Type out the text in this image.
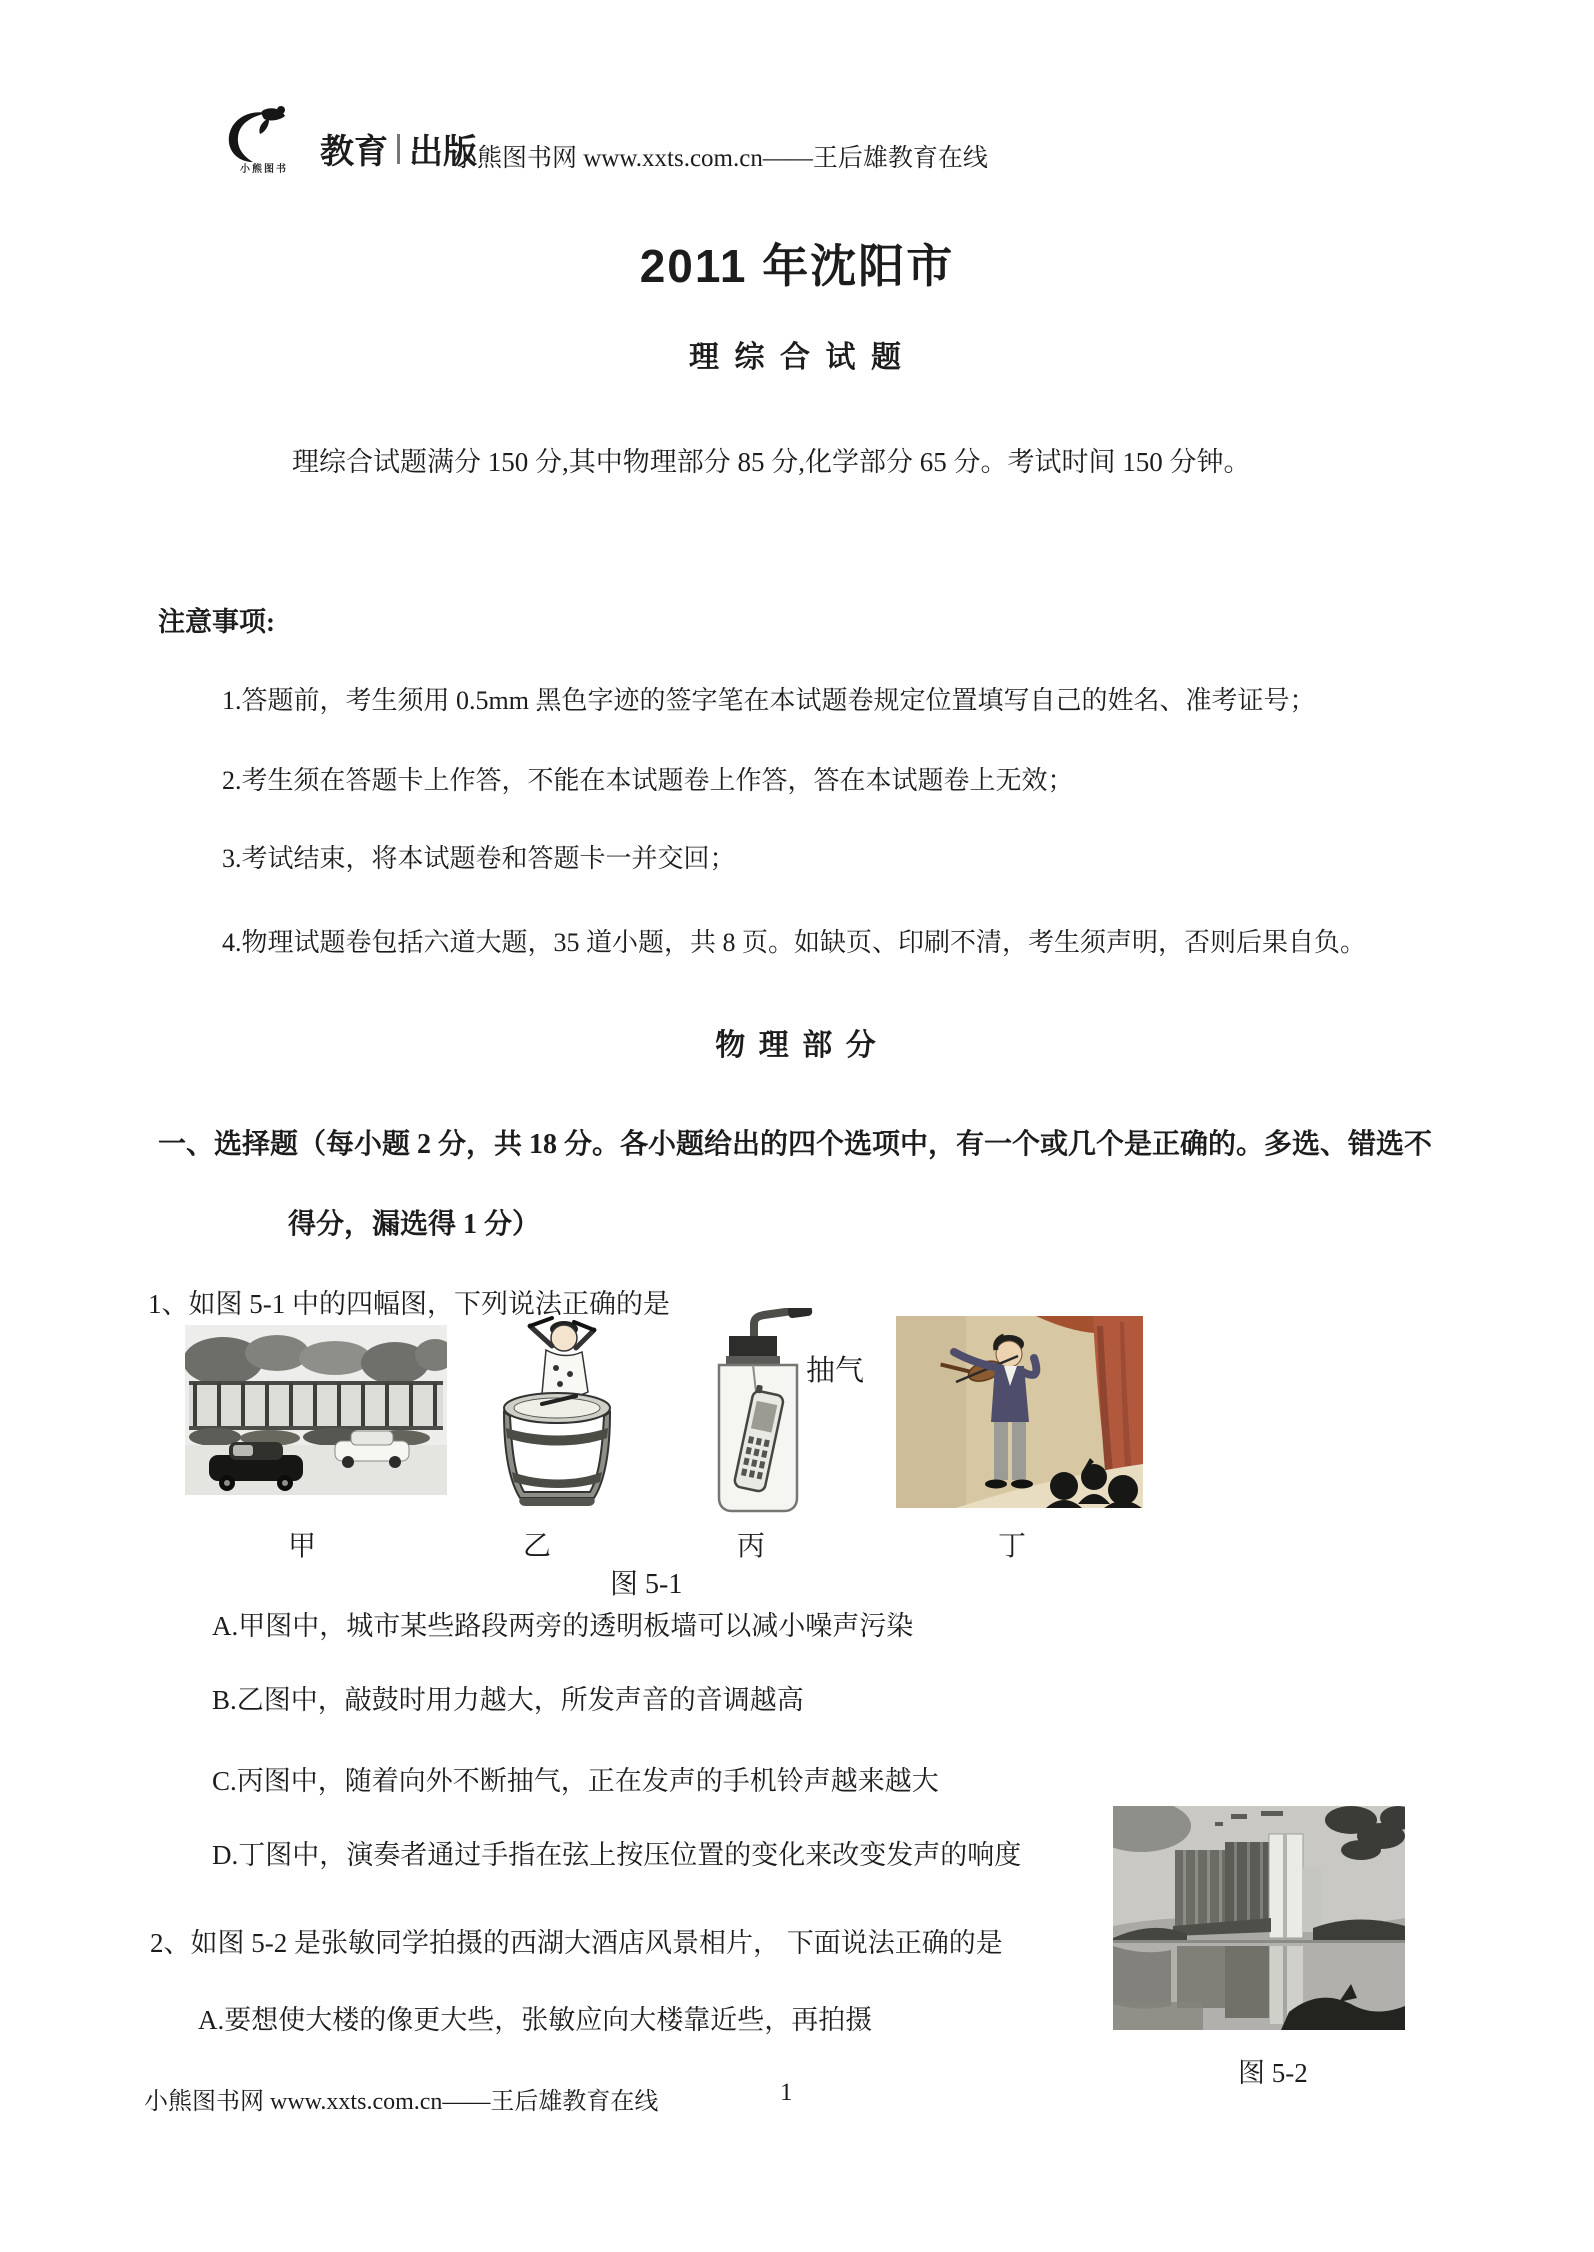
小熊图书 教育 出版
小熊图书网 www.xxts.com.cn——王后雄教育在线
2011 年沈阳市
理 综 合 试 题
理综合试题满分 150 分,其中物理部分 85 分,化学部分 65 分。考试时间 150 分钟。
注意事项:
1.答题前，考生须用 0.5mm 黑色字迹的签字笔在本试题卷规定位置填写自己的姓名、准考证号；
2.考生须在答题卡上作答，不能在本试题卷上作答，答在本试题卷上无效；
3.考试结束，将本试题卷和答题卡一并交回；
4.物理试题卷包括六道大题，35 道小题，共 8 页。如缺页、印刷不清，考生须声明，否则后果自负。
物 理 部 分
一、选择题（每小题 2 分，共 18 分。各小题给出的四个选项中，有一个或几个是正确的。多选、错选不
得分，漏选得 1 分）
1、如图 5-1 中的四幅图，下列说法正确的是
抽气
甲	乙	丙	丁
图 5-1
A.甲图中，城市某些路段两旁的透明板墙可以减小噪声污染
B.乙图中，敲鼓时用力越大，所发声音的音调越高
C.丙图中，随着向外不断抽气，正在发声的手机铃声越来越大
D.丁图中，演奏者通过手指在弦上按压位置的变化来改变发声的响度
2、如图 5-2 是张敏同学拍摄的西湖大酒店风景相片， 下面说法正确的是
A.要想使大楼的像更大些，张敏应向大楼靠近些，再拍摄
图 5-2
小熊图书网 www.xxts.com.cn——王后雄教育在线	1
